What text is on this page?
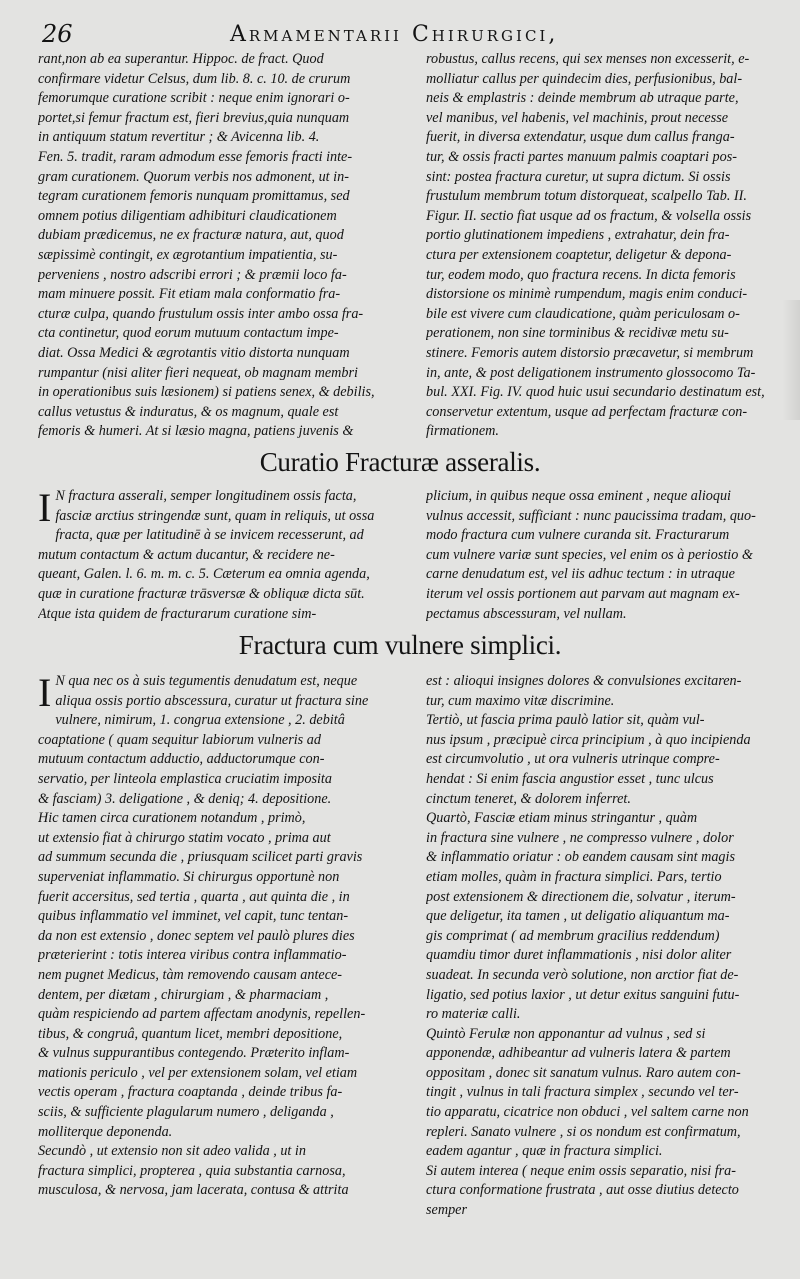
26	Armamentarii Chirurgici,
rant,non ab ea superantur. Hippoc. de fract. Quod
confirmare videtur Celsus, dum lib. 8. c. 10. de crurum
femorumque curatione scribit : neque enim ignorari o-
portet,si femur fractum est, fieri brevius,quia nunquam
in antiquum statum revertitur ; & Avicenna lib. 4.
Fen. 5. tradit, raram admodum esse femoris fracti inte-
gram curationem. Quorum verbis nos admonent, ut in-
tegram curationem femoris nunquam promittamus, sed
omnem potius diligentiam adhibituri claudicationem
dubiam prædicemus, ne ex fracturæ natura, aut, quod
sæpissimè contingit, ex ægrotantium impatientia, su-
perveniens , nostro adscribi errori ; & præmii loco fa-
mam minuere possit. Fit etiam mala conformatio fra-
cturæ culpa, quando frustulum ossis inter ambo ossa fra-
cta continetur, quod eorum mutuum contactum impe-
diat. Ossa Medici & ægrotantis vitio distorta nunquam
rumpantur (nisi aliter fieri nequeat, ob magnam membri
in operationibus suis læsionem) si patiens senex, & debilis,
callus vetustus & induratus, & os magnum, quale est
femoris & humeri. At si læsio magna, patiens juvenis &
robustus, callus recens, qui sex menses non excesserit, e-
molliatur callus per quindecim dies, perfusionibus, bal-
neis & emplastris : deinde membrum ab utraque parte,
vel manibus, vel habenis, vel machinis, prout necesse
fuerit, in diversa extendatur, usque dum callus franga-
tur, & ossis fracti partes manuum palmis coaptari pos-
sint: postea fractura curetur, ut supra dictum. Si ossis
frustulum membrum totum distorqueat, scalpello Tab. II.
Figur. II. sectio fiat usque ad os fractum, & volsella ossis
portio glutinationem impediens , extrahatur, dein fra-
ctura per extensionem coaptetur, deligetur & depona-
tur, eodem modo, quo fractura recens. In dicta femoris
distorsione os minimè rumpendum, magis enim conduci-
bile est vivere cum claudicatione, quàm periculosam o-
perationem, non sine torminibus & recidivæ metu su-
stinere. Femoris autem distorsio præcavetur, si membrum
in, ante, & post deligationem instrumento glossocomo Ta-
bul. XXI. Fig. IV. quod huic usui secundario destinatum est,
conservetur extentum, usque ad perfectam fracturæ con-
firmationem.
Curatio Fracturæ asseralis.
I N fractura asserali, semper longitudinem ossis facta,
fasciæ arctius stringendæ sunt, quam in reliquis, ut ossa
fracta, quæ per latitudinē à se invicem recesserunt, ad
mutum contactum & actum ducantur, & recidere ne-
queant, Galen. l. 6. m. m. c. 5. Cæterum ea omnia agenda,
quæ in curatione fracturæ trāsversæ & obliquæ dicta sūt.
Atque ista quidem de fracturarum curatione sim-
plicium, in quibus neque ossa eminent , neque alioqui
vulnus accessit, sufficiant : nunc paucissima tradam, quo-
modo fractura cum vulnere curanda sit. Fracturarum
cum vulnere variæ sunt species, vel enim os à periostio &
carne denudatum est, vel iis adhuc tectum : in utraque
iterum vel ossis portionem aut parvam aut magnam ex-
pectamus abscessuram, vel nullam.
Fractura cum vulnere simplici.
I N qua nec os à suis tegumentis denudatum est, neque
aliqua ossis portio abscessura, curatur ut fractura sine
vulnere, nimirum, 1. congrua extensione , 2. debitâ
coaptatione ( quam sequitur labiorum vulneris ad
mutuum contactum adductio, adductorumque con-
servatio, per linteola emplastica cruciatim imposita
& fasciam) 3. deligatione , & deniq; 4. depositione.
Hic tamen circa curationem notandum , primò,
ut extensio fiat à chirurgo statim vocato , prima aut
ad summum secunda die , priusquam scilicet parti gravis
superveniat inflammatio. Si chirurgus opportunè non
fuerit accersitus, sed tertia , quarta , aut quinta die , in
quibus inflammatio vel imminet, vel capit, tunc tentan-
da non est extensio , donec septem vel paulò plures dies
præterierint : totis interea viribus contra inflammatio-
nem pugnet Medicus, tàm removendo causam antece-
dentem, per diætam , chirurgiam , & pharmaciam ,
quàm respiciendo ad partem affectam anodynis, repellen-
tibus, & congruâ, quantum licet, membri depositione,
& vulnus suppurantibus contegendo. Præterito inflam-
mationis periculo , vel per extensionem solam, vel etiam
vectis operam , fractura coaptanda , deinde tribus fa-
sciis, & sufficiente plagularum numero , deliganda ,
molliterque deponenda.
Secundò , ut extensio non sit adeo valida , ut in
fractura simplici, propterea , quia substantia carnosa,
musculosa, & nervosa, jam lacerata, contusa & attrita
est : alioqui insignes dolores & convulsiones excitaren-
tur, cum maximo vitæ discrimine.
Tertiò, ut fascia prima paulò latior sit, quàm vul-
nus ipsum , præcipuè circa principium , à quo incipienda
est circumvolutio , ut ora vulneris utrinque compre-
hendat : Si enim fascia angustior esset , tunc ulcus
cinctum teneret, & dolorem inferret.
Quartò, Fasciæ etiam minus stringantur , quàm
in fractura sine vulnere , ne compresso vulnere , dolor
& inflammatio oriatur : ob eandem causam sint magis
etiam molles, quàm in fractura simplici. Pars, tertio
post extensionem & directionem die, solvatur , iterum-
que deligetur, ita tamen , ut deligatio aliquantum ma-
gis comprimat ( ad membrum gracilius reddendum)
quamdiu timor duret inflammationis , nisi dolor aliter
suadeat. In secunda verò solutione, non arctior fiat de-
ligatio, sed potius laxior , ut detur exitus sanguini futu-
ro materiæ calli.
Quintò Ferulæ non apponantur ad vulnus , sed si
apponendæ, adhibeantur ad vulneris latera & partem
oppositam , donec sit sanatum vulnus. Raro autem con-
tingit , vulnus in tali fractura simplex , secundo vel ter-
tio apparatu, cicatrice non obduci , vel saltem carne non
repleri. Sanato vulnere , si os nondum est confirmatum,
eadem agantur , quæ in fractura simplici.
Si autem interea ( neque enim ossis separatio, nisi fra-
ctura conformatione frustrata , aut osse diutius detecto
semper
